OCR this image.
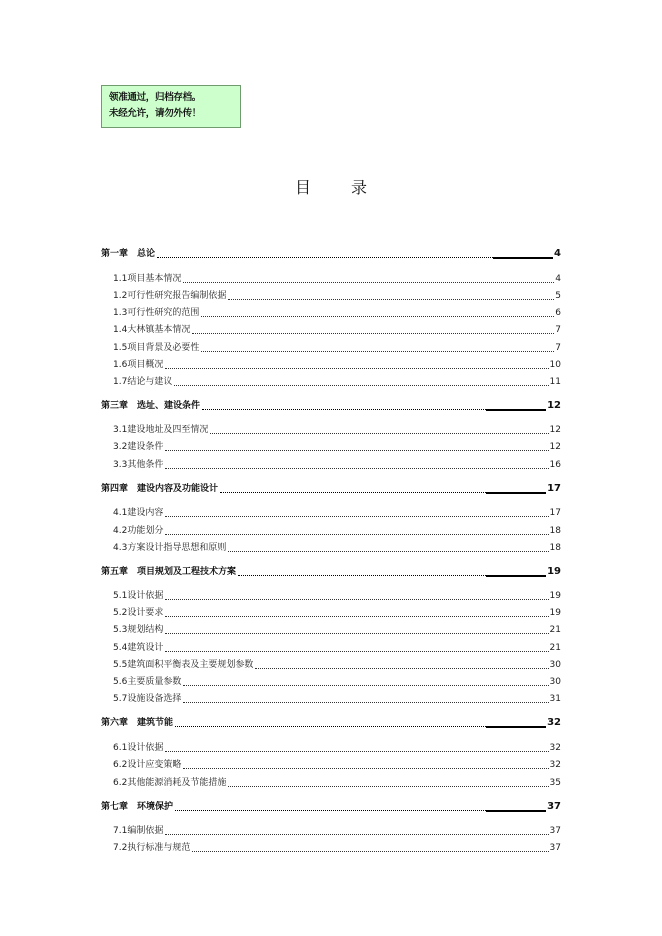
领准通过，归档存档。
未经允许，请勿外传！
目　录
第一章　总论	4
1.1项目基本情况	4
1.2可行性研究报告编制依据	5
1.3可行性研究的范围	6
1.4大林镇基本情况	7
1.5项目背景及必要性	7
1.6项目概况	10
1.7结论与建议	11
第三章　选址、建设条件	12
3.1建设地址及四至情况	12
3.2建设条件	12
3.3其他条件	16
第四章　建设内容及功能设计	17
4.1建设内容	17
4.2功能划分	18
4.3方案设计指导思想和原则	18
第五章　项目规划及工程技术方案	19
5.1设计依据	19
5.2设计要求	19
5.3规划结构	21
5.4建筑设计	21
5.5建筑面积平衡表及主要规划参数	30
5.6主要质量参数	30
5.7设施设备选择	31
第六章　建筑节能	32
6.1设计依据	32
6.2设计应变策略	32
6.2其他能源消耗及节能措施	35
第七章　环境保护	37
7.1编制依据	37
7.2执行标准与规范	37
